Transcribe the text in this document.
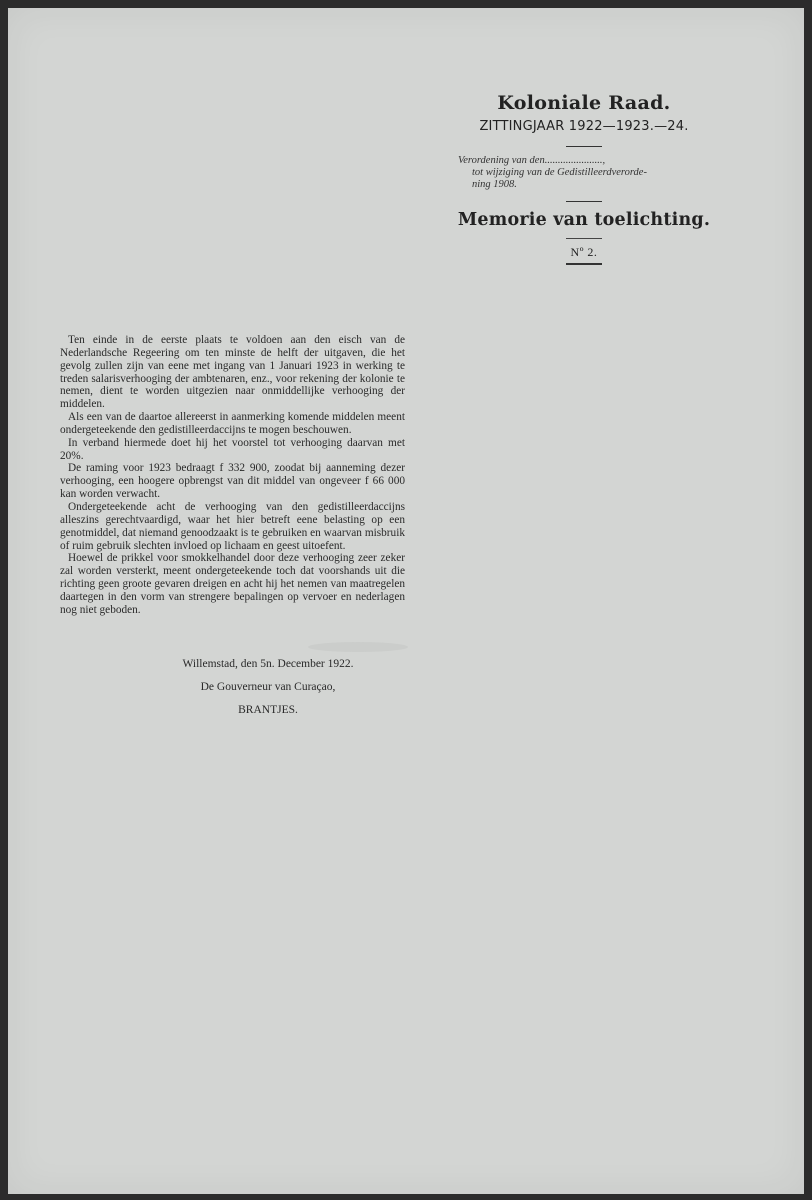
Koloniale Raad.
ZITTINGJAAR 1922—1923.—24.
Verordening van den......................,
tot wijziging van de Gedistilleerdverorde-
ning 1908.
Memorie van toelichting.
Nº 2.

Ten einde in de eerste plaats te voldoen aan den eisch van de Nederlandsche Regeering om ten minste de helft der uitgaven, die het gevolg zullen zijn van eene met ingang van 1 Januari 1923 in werking te treden salarisverhooging der ambtenaren, enz., voor rekening der kolonie te nemen, dient te worden uitgezien naar onmiddellijke verhooging der middelen.

Als een van de daartoe allereerst in aanmerking komende middelen meent ondergeteekende den gedistilleerdaccijns te mogen beschouwen.

In verband hiermede doet hij het voorstel tot verhooging daarvan met 20%.

De raming voor 1923 bedraagt f 332 900, zoodat bij aanneming dezer verhooging, een hoogere opbrengst van dit middel van ongeveer f 66 000 kan worden verwacht.

Ondergeteekende acht de verhooging van den gedistilleerdaccijns alleszins gerechtvaardigd, waar het hier betreft eene belasting op een genotmiddel, dat niemand genoodzaakt is te gebruiken en waarvan misbruik of ruim gebruik slechten invloed op lichaam en geest uitoefent.

Hoewel de prikkel voor smokkelhandel door deze verhooging zeer zeker zal worden versterkt, meent ondergeteekende toch dat voorshands uit die richting geen groote gevaren dreigen en acht hij het nemen van maatregelen daartegen in den vorm van strengere bepalingen op vervoer en nederlagen nog niet geboden.

Willemstad, den 5n. December 1922.
De Gouverneur van Curaçao,
BRANTJES.
